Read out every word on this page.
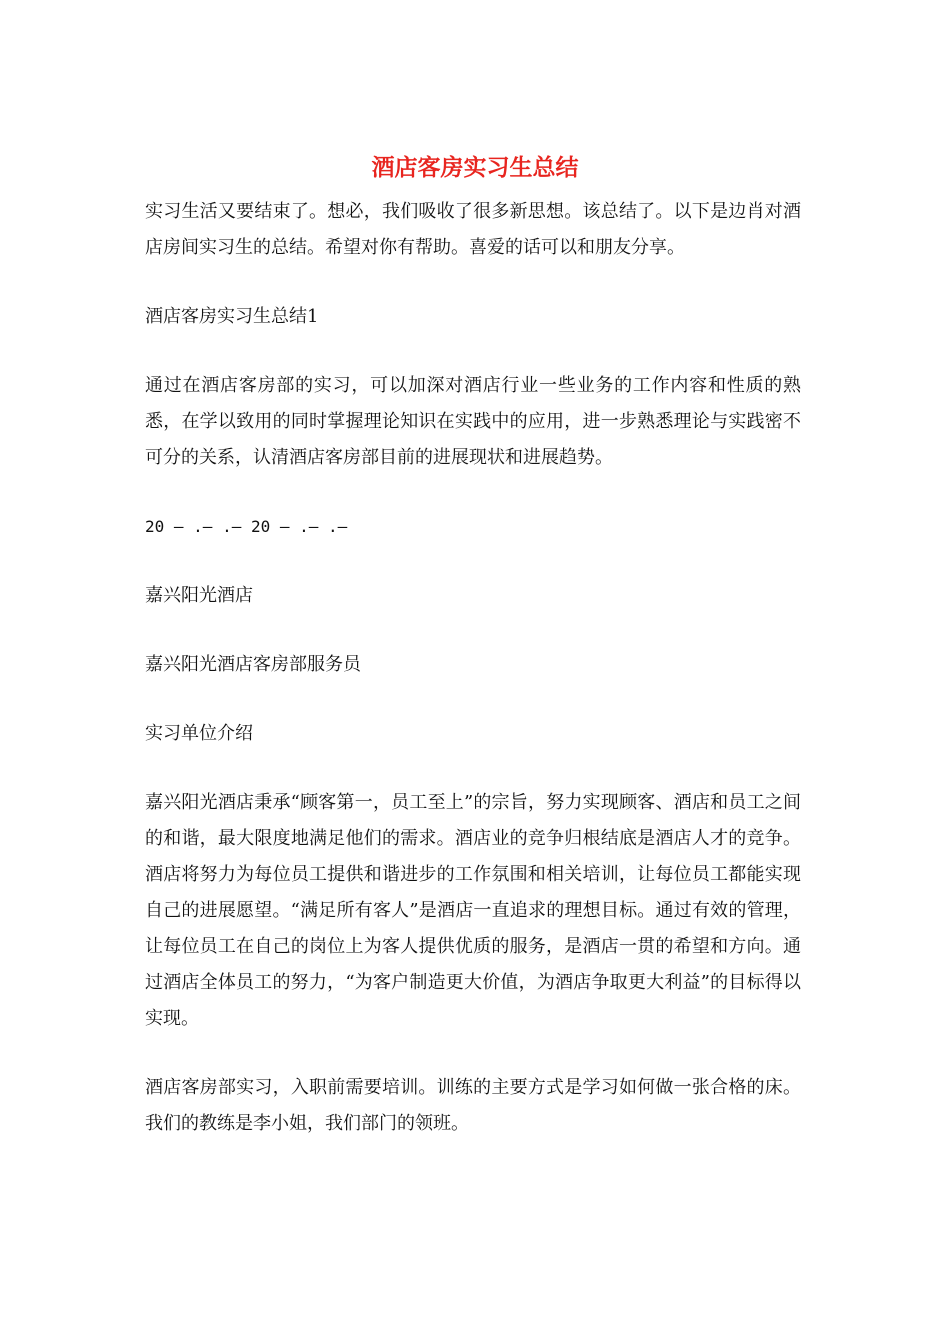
酒店客房实习生总结

实习生活又要结束了。想必，我们吸收了很多新思想。该总结了。以下是边肖对酒店房间实习生的总结。希望对你有帮助。喜爱的话可以和朋友分享。

酒店客房实习生总结1

通过在酒店客房部的实习，可以加深对酒店行业一些业务的工作内容和性质的熟悉，在学以致用的同时掌握理论知识在实践中的应用，进一步熟悉理论与实践密不可分的关系，认清酒店客房部目前的进展现状和进展趋势。

20 – .– .– 20 – .– .–

嘉兴阳光酒店

嘉兴阳光酒店客房部服务员

实习单位介绍

嘉兴阳光酒店秉承“顾客第一，员工至上”的宗旨，努力实现顾客、酒店和员工之间的和谐，最大限度地满足他们的需求。酒店业的竞争归根结底是酒店人才的竞争。酒店将努力为每位员工提供和谐进步的工作氛围和相关培训，让每位员工都能实现自己的进展愿望。“满足所有客人”是酒店一直追求的理想目标。通过有效的管理，让每位员工在自己的岗位上为客人提供优质的服务，是酒店一贯的希望和方向。通过酒店全体员工的努力，“为客户制造更大价值，为酒店争取更大利益”的目标得以实现。

酒店客房部实习，入职前需要培训。训练的主要方式是学习如何做一张合格的床。我们的教练是李小姐，我们部门的领班。
